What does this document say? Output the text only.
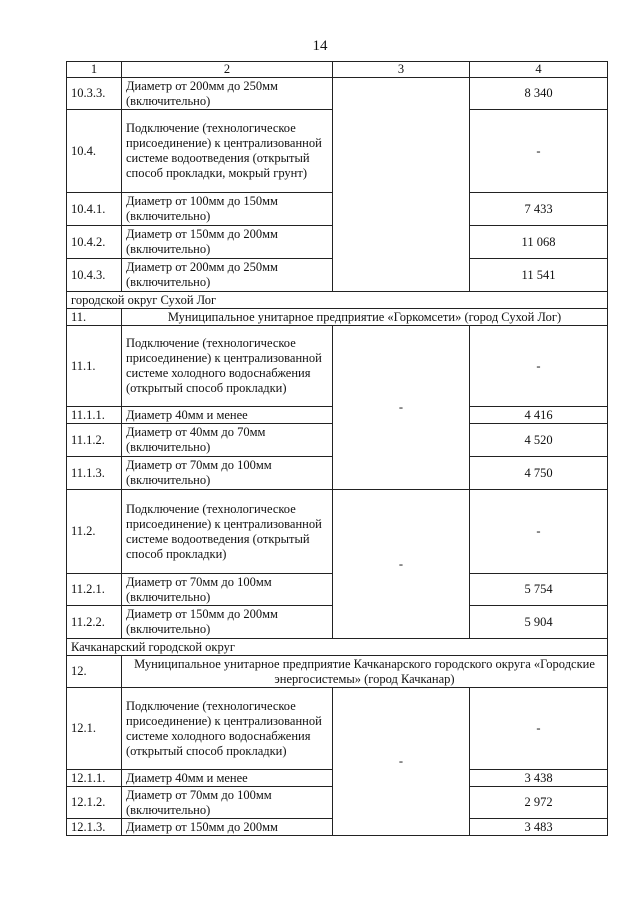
14
1	2	3	4
10.3.3.	Диаметр от 200мм до 250мм (включительно)		8 340
10.4.	Подключение (технологическое присоединение) к централизованной системе водоотведения (открытый способ прокладки, мокрый грунт)		-
10.4.1.	Диаметр от 100мм до 150мм (включительно)		7 433
10.4.2.	Диаметр от 150мм до 200мм (включительно)		11 068
10.4.3.	Диаметр от 200мм до 250мм (включительно)		11 541
городской округ Сухой Лог			
11.	Муниципальное унитарное предприятие «Горкомсети» (город Сухой Лог)		
11.1.	Подключение (технологическое присоединение) к централизованной системе холодного водоснабжения (открытый способ прокладки)	-	-
11.1.1.	Диаметр 40мм и менее		4 416
11.1.2.	Диаметр от 40мм до 70мм (включительно)		4 520
11.1.3.	Диаметр от 70мм до 100мм (включительно)		4 750
11.2.	Подключение (технологическое присоединение) к централизованной системе водоотведения (открытый способ прокладки)	-	-
11.2.1.	Диаметр от 70мм до 100мм (включительно)		5 754
11.2.2.	Диаметр от 150мм до 200мм (включительно)		5 904
Качканарский городской округ			
12.	Муниципальное унитарное предприятие Качканарского городского округа «Городские энергосистемы» (город Качканар)		
12.1.	Подключение (технологическое присоединение) к централизованной системе холодного водоснабжения (открытый способ прокладки)	-	-
12.1.1.	Диаметр 40мм и менее		3 438
12.1.2.	Диаметр от 70мм до 100мм (включительно)		2 972
12.1.3.	Диаметр от 150мм до 200мм		3 483
